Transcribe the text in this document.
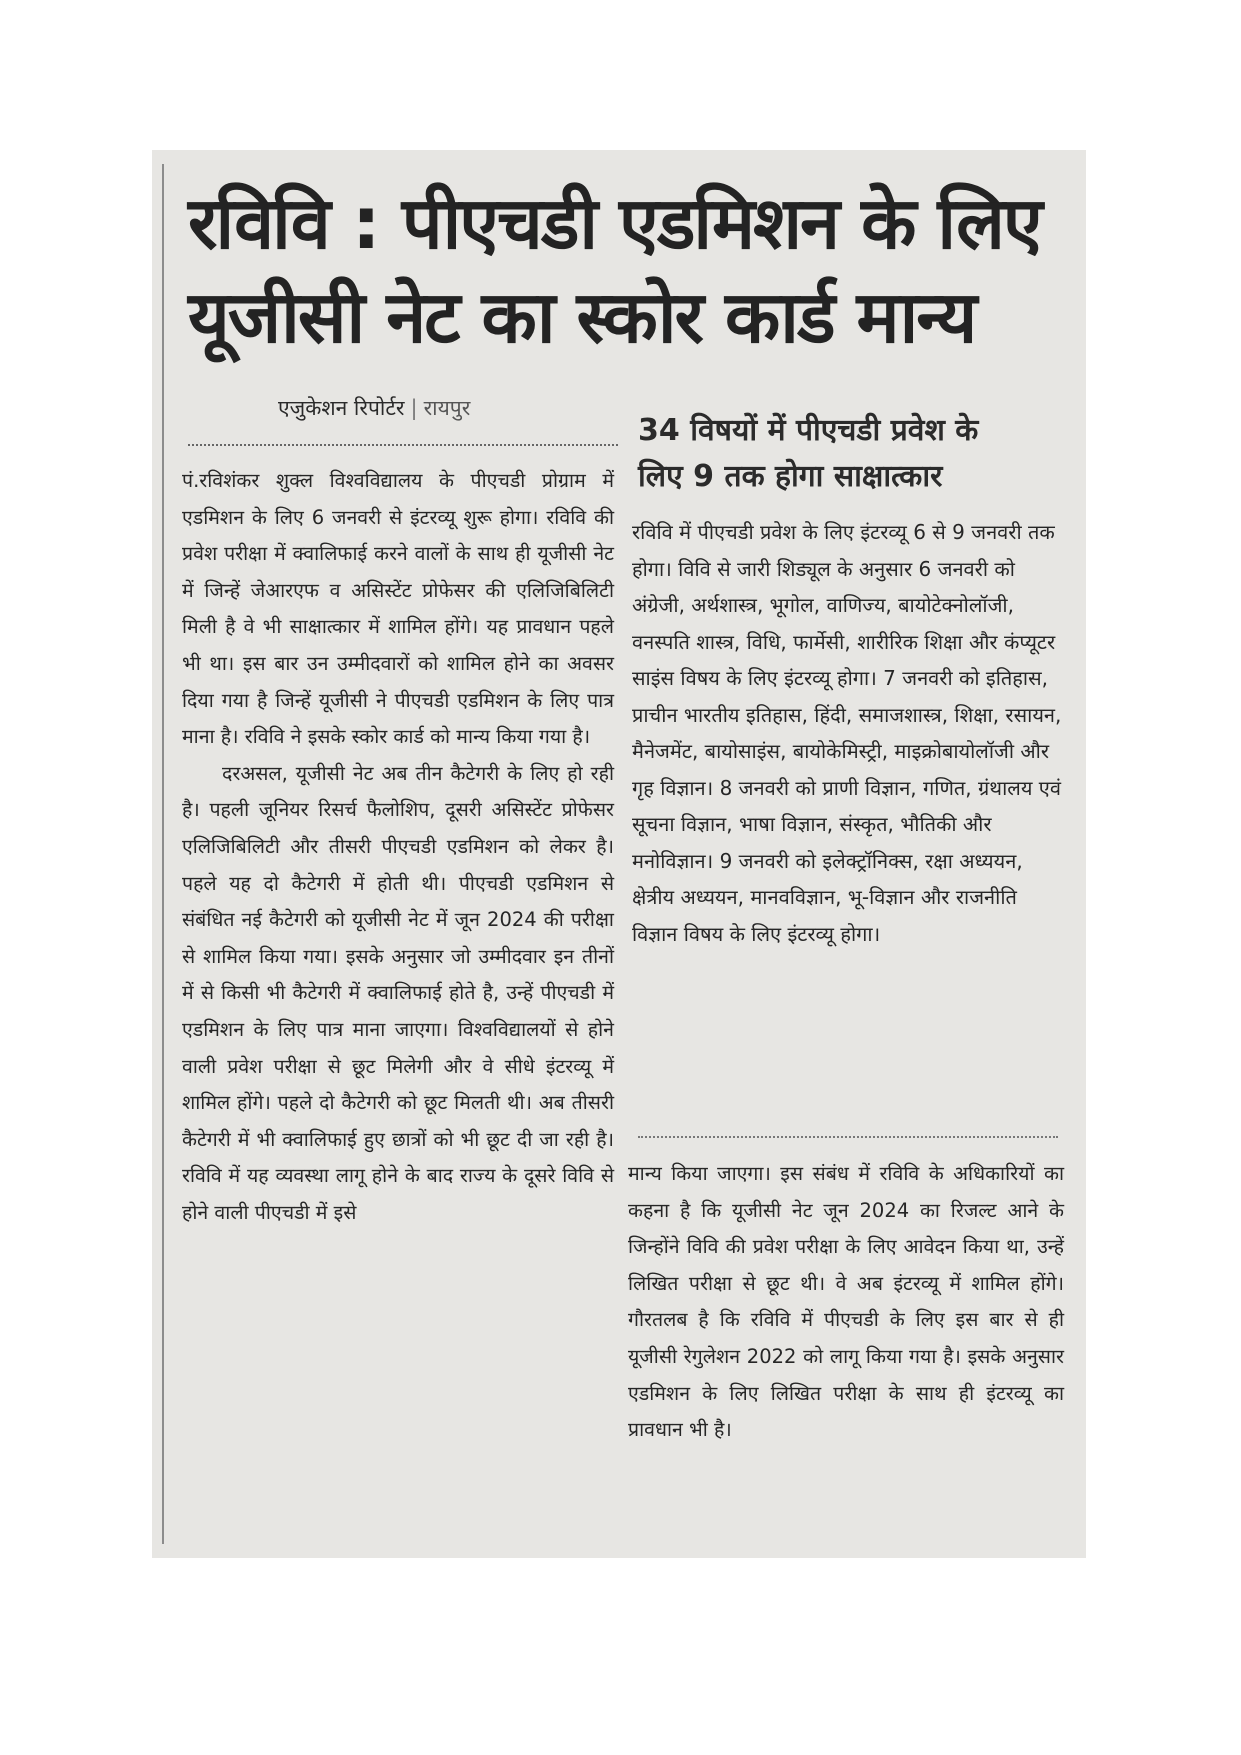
रविवि : पीएचडी एडमिशन के लिए
यूजीसी नेट का स्कोर कार्ड मान्य
एजुकेशन रिपोर्टर | रायपुर

पं.रविशंकर शुक्ल विश्वविद्यालय के पीएचडी प्रोग्राम में एडमिशन के लिए 6 जनवरी से इंटरव्यू शुरू होगा। रविवि की प्रवेश परीक्षा में क्वालिफाई करने वालों के साथ ही यूजीसी नेट में जिन्हें जेआरएफ व असिस्टेंट प्रोफेसर की एलिजिबिलिटी मिली है वे भी साक्षात्कार में शामिल होंगे। यह प्रावधान पहले भी था। इस बार उन उम्मीदवारों को शामिल होने का अवसर दिया गया है जिन्हें यूजीसी ने पीएचडी एडमिशन के लिए पात्र माना है। रविवि ने इसके स्कोर कार्ड को मान्य किया गया है।

दरअसल, यूजीसी नेट अब तीन कैटेगरी के लिए हो रही है। पहली जूनियर रिसर्च फैलोशिप, दूसरी असिस्टेंट प्रोफेसर एलिजिबिलिटी और तीसरी पीएचडी एडमिशन को लेकर है। पहले यह दो कैटेगरी में होती थी। पीएचडी एडमिशन से संबंधित नई कैटेगरी को यूजीसी नेट में जून 2024 की परीक्षा से शामिल किया गया। इसके अनुसार जो उम्मीदवार इन तीनों में से किसी भी कैटेगरी में क्वालिफाई होते है, उन्हें पीएचडी में एडमिशन के लिए पात्र माना जाएगा। विश्वविद्यालयों से होने वाली प्रवेश परीक्षा से छूट मिलेगी और वे सीधे इंटरव्यू में शामिल होंगे। पहले दो कैटेगरी को छूट मिलती थी। अब तीसरी कैटेगरी में भी क्वालिफाई हुए छात्रों को भी छूट दी जा रही है। रविवि में यह व्यवस्था लागू होने के बाद राज्य के दूसरे विवि से होने वाली पीएचडी में इसे

34 विषयों में पीएचडी प्रवेश के
लिए 9 तक होगा साक्षात्कार

रविवि में पीएचडी प्रवेश के लिए इंटरव्यू 6 से 9 जनवरी तक होगा। विवि से जारी शिड्यूल के अनुसार 6 जनवरी को अंग्रेजी, अर्थशास्त्र, भूगोल, वाणिज्य, बायोटेक्नोलॉजी, वनस्पति शास्त्र, विधि, फार्मेसी, शारीरिक शिक्षा और कंप्यूटर साइंस विषय के लिए इंटरव्यू होगा। 7 जनवरी को इतिहास, प्राचीन भारतीय इतिहास, हिंदी, समाजशास्त्र, शिक्षा, रसायन, मैनेजमेंट, बायोसाइंस, बायोकेमिस्ट्री, माइक्रोबायोलॉजी और गृह विज्ञान। 8 जनवरी को प्राणी विज्ञान, गणित, ग्रंथालय एवं सूचना विज्ञान, भाषा विज्ञान, संस्कृत, भौतिकी और मनोविज्ञान। 9 जनवरी को इलेक्ट्रॉनिक्स, रक्षा अध्ययन, क्षेत्रीय अध्ययन, मानवविज्ञान, भू-विज्ञान और राजनीति विज्ञान विषय के लिए इंटरव्यू होगा।

मान्य किया जाएगा। इस संबंध में रविवि के अधिकारियों का कहना है कि यूजीसी नेट जून 2024 का रिजल्ट आने के जिन्होंने विवि की प्रवेश परीक्षा के लिए आवेदन किया था, उन्हें लिखित परीक्षा से छूट थी। वे अब इंटरव्यू में शामिल होंगे। गौरतलब है कि रविवि में पीएचडी के लिए इस बार से ही यूजीसी रेगुलेशन 2022 को लागू किया गया है। इसके अनुसार एडमिशन के लिए लिखित परीक्षा के साथ ही इंटरव्यू का प्रावधान भी है।
